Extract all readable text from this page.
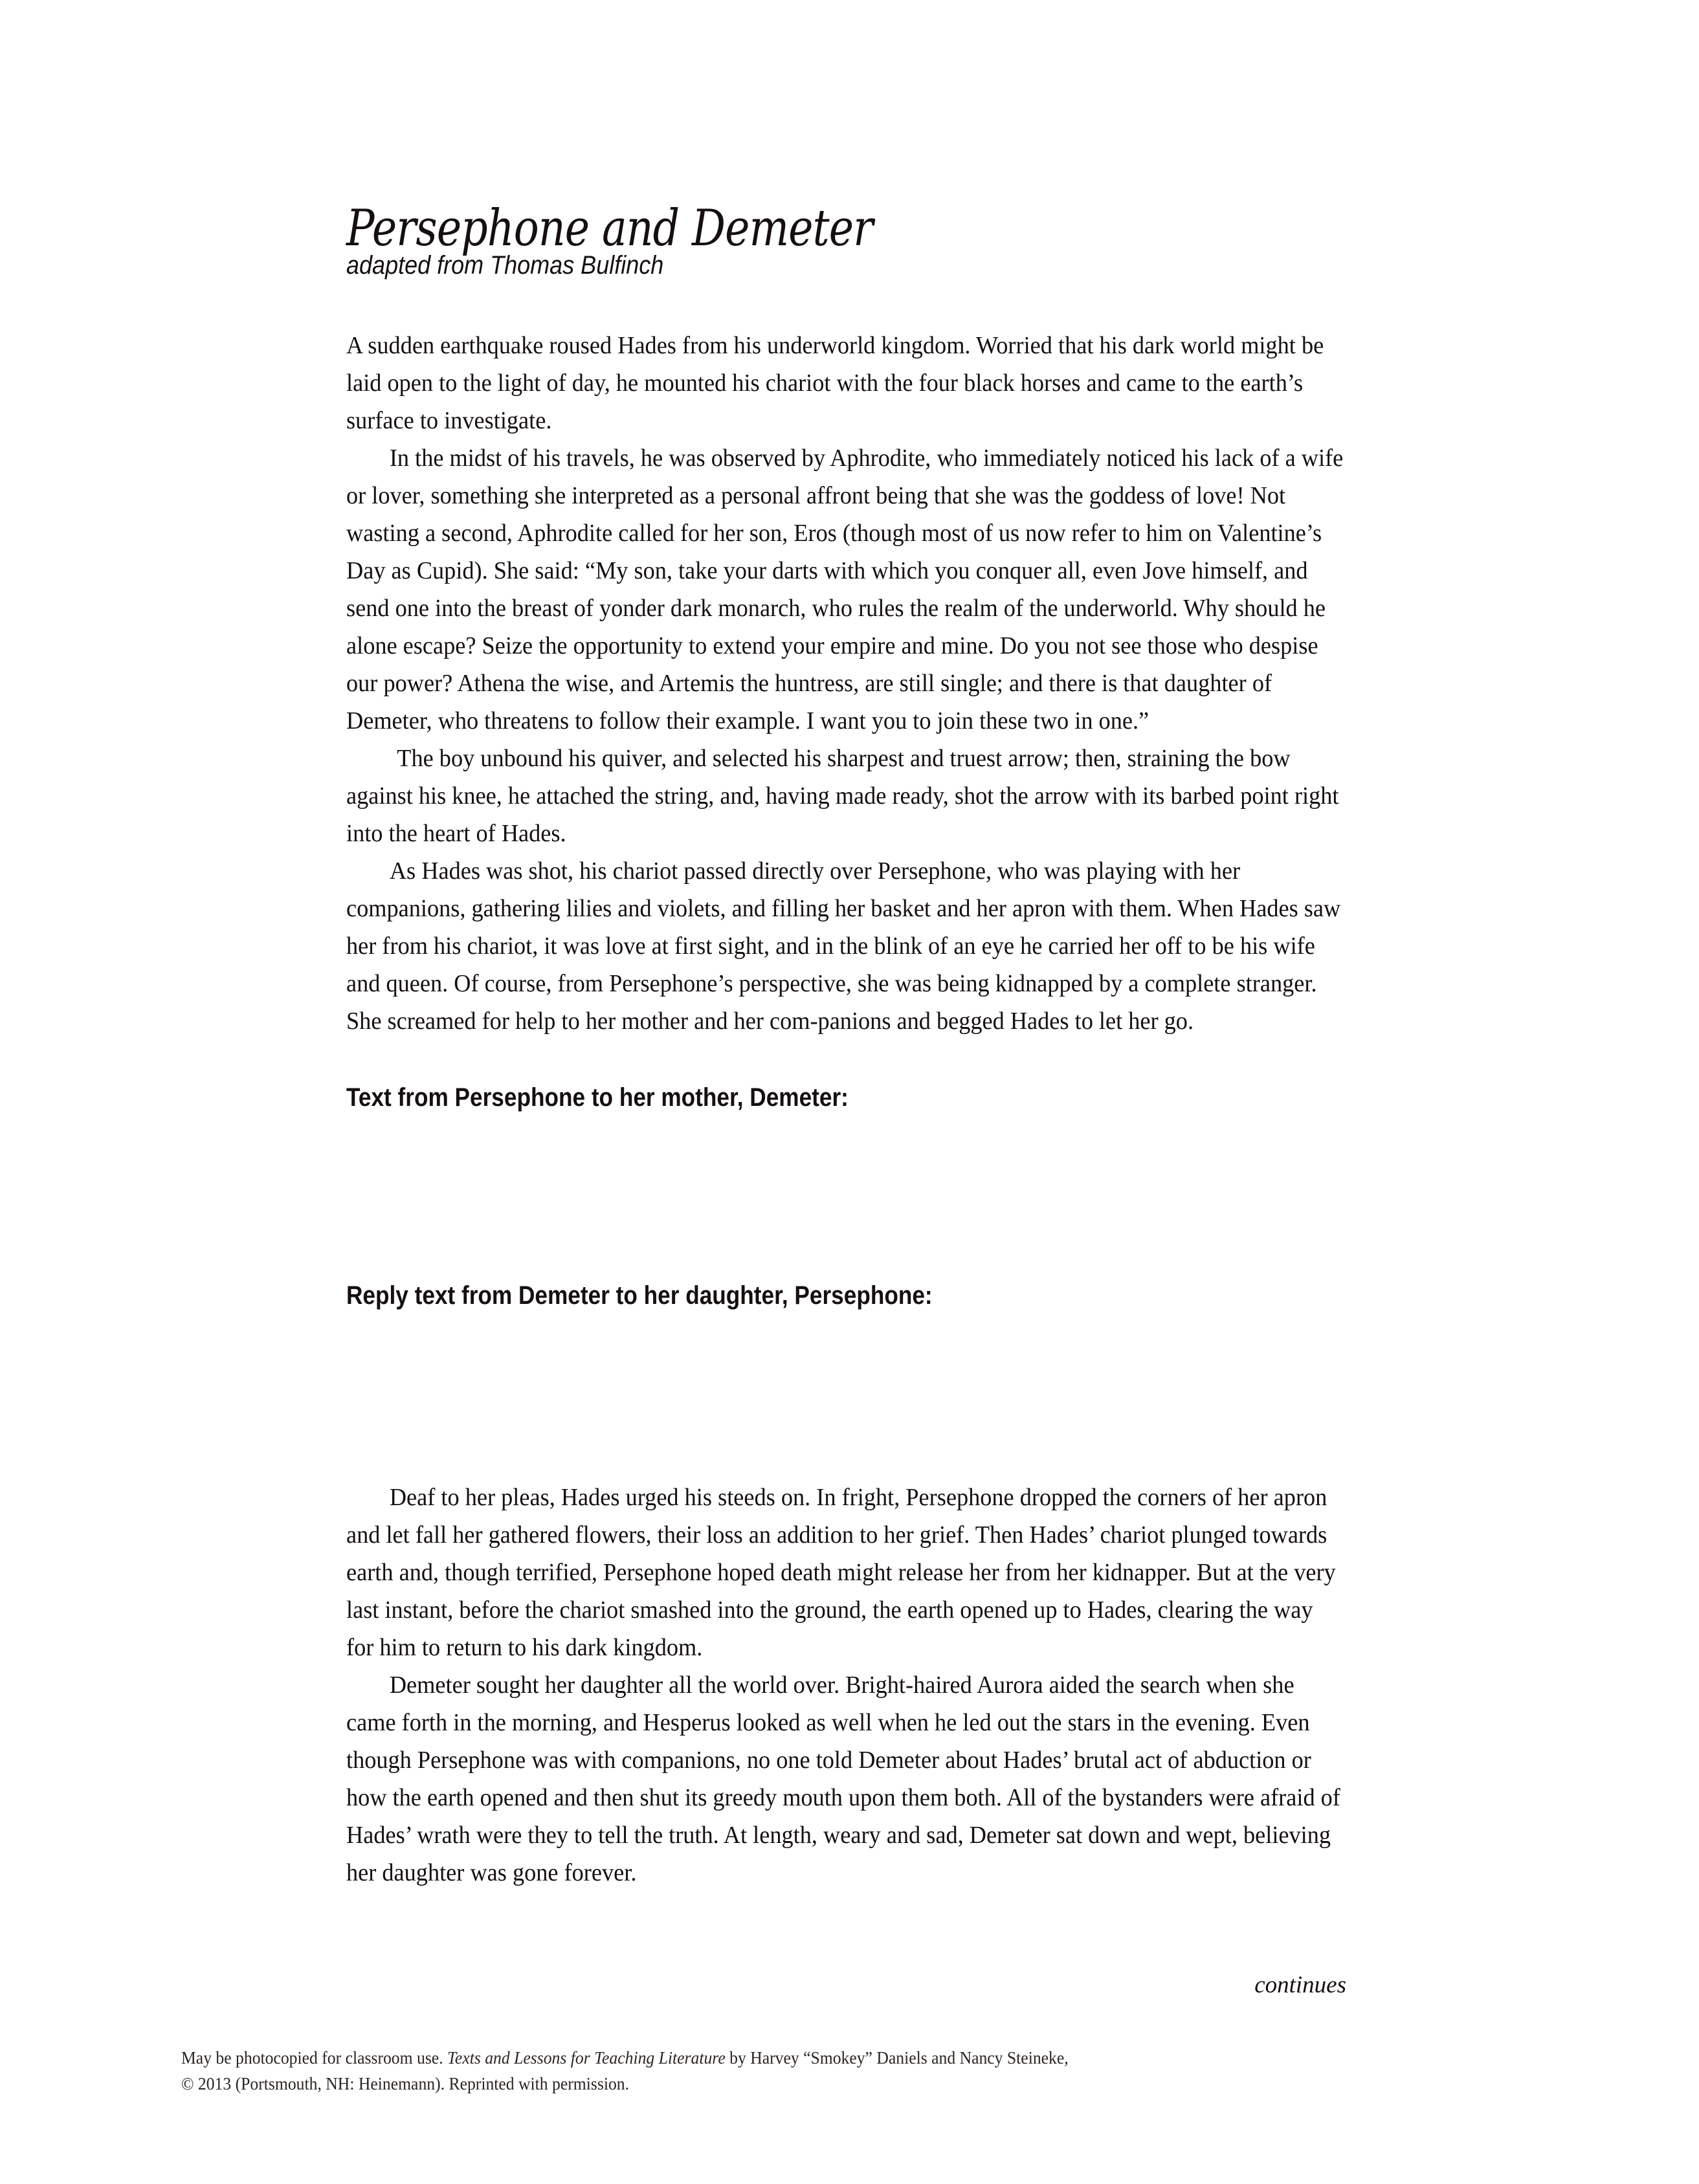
Persephone and Demeter
adapted from Thomas Bulfinch

A sudden earthquake roused Hades from his underworld kingdom. Worried that his dark world might be laid open to the light of day, he mounted his chariot with the four black horses and came to the earth’s surface to investigate.

In the midst of his travels, he was observed by Aphrodite, who immediately noticed his lack of a wife or lover, something she interpreted as a personal affront being that she was the goddess of love! Not wasting a second, Aphrodite called for her son, Eros (though most of us now refer to him on Valentine’s Day as Cupid). She said: “My son, take your darts with which you conquer all, even Jove himself, and send one into the breast of yonder dark monarch, who rules the realm of the underworld. Why should he alone escape? Seize the opportunity to extend your empire and mine. Do you not see those who despise our power? Athena the wise, and Artemis the huntress, are still single; and there is that daughter of Demeter, who threatens to follow their example. I want you to join these two in one.”

The boy unbound his quiver, and selected his sharpest and truest arrow; then, straining the bow against his knee, he attached the string, and, having made ready, shot the arrow with its barbed point right into the heart of Hades.

As Hades was shot, his chariot passed directly over Persephone, who was playing with her companions, gathering lilies and violets, and filling her basket and her apron with them. When Hades saw her from his chariot, it was love at first sight, and in the blink of an eye he carried her off to be his wife and queen. Of course, from Persephone’s perspective, she was being kidnapped by a complete stranger. She screamed for help to her mother and her com-panions and begged Hades to let her go.

Text from Persephone to her mother, Demeter:
Reply text from Demeter to her daughter, Persephone:

Deaf to her pleas, Hades urged his steeds on. In fright, Persephone dropped the corners of her apron and let fall her gathered flowers, their loss an addition to her grief. Then Hades’ chariot plunged towards earth and, though terrified, Persephone hoped death might release her from her kidnapper. But at the very last instant, before the chariot smashed into the ground, the earth opened up to Hades, clearing the way for him to return to his dark kingdom.

Demeter sought her daughter all the world over. Bright-haired Aurora aided the search when she came forth in the morning, and Hesperus looked as well when he led out the stars in the evening. Even though Persephone was with companions, no one told Demeter about Hades’ brutal act of abduction or how the earth opened and then shut its greedy mouth upon them both. All of the bystanders were afraid of Hades’ wrath were they to tell the truth. At length, weary and sad, Demeter sat down and wept, believing her daughter was gone forever.

continues
May be photocopied for classroom use. Texts and Lessons for Teaching Literature by Harvey “Smokey” Daniels and Nancy Steineke,
© 2013 (Portsmouth, NH: Heinemann). Reprinted with permission.
